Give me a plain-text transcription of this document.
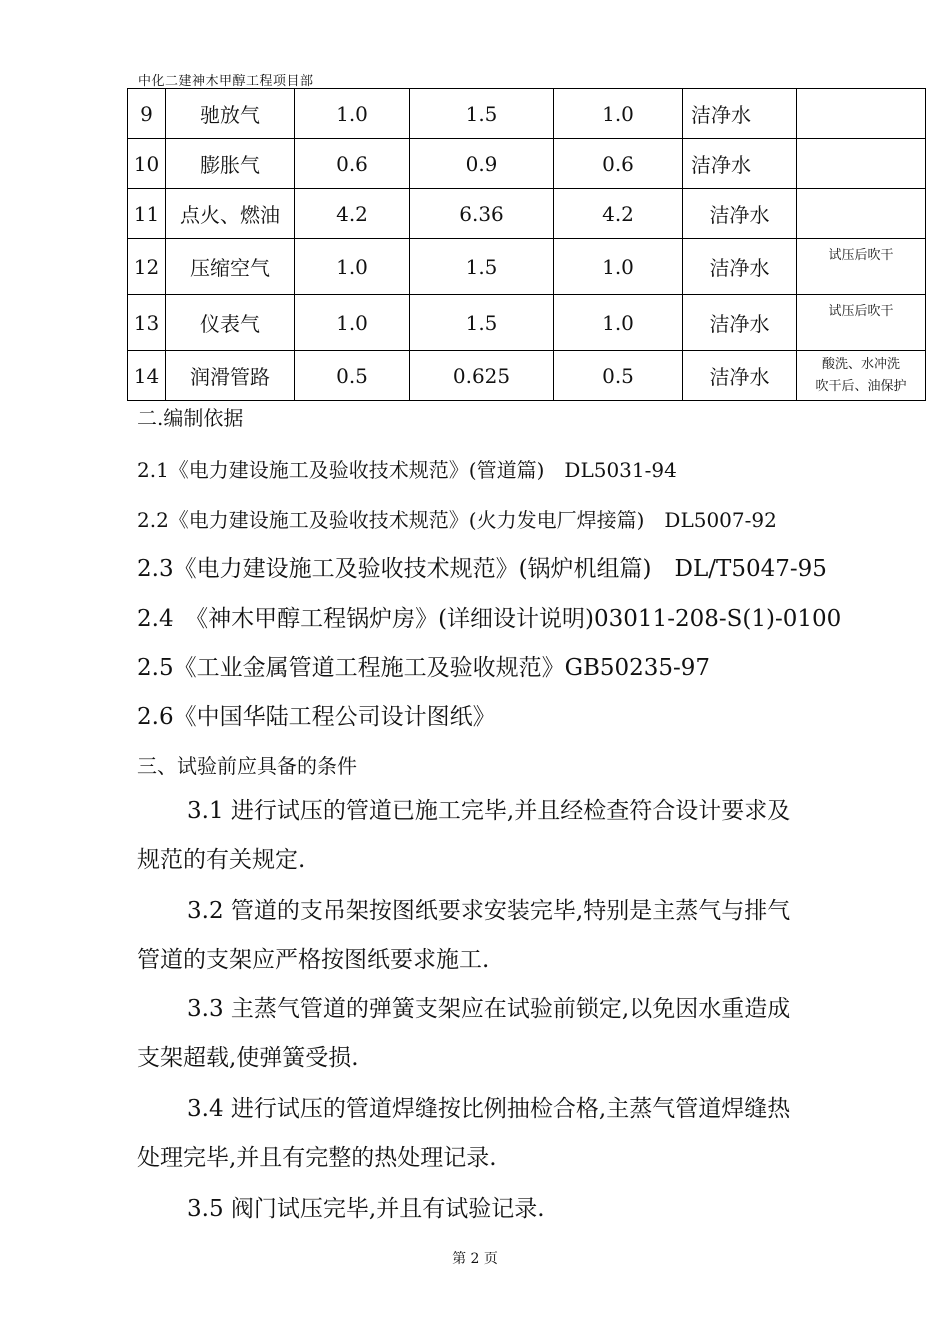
中化二建神木甲醇工程项目部
9	驰放气	1.0	1.5	1.0	洁净水	
10	膨胀气	0.6	0.9	0.6	洁净水	
11	点火、燃油	4.2	6.36	4.2	洁净水	
12	压缩空气	1.0	1.5	1.0	洁净水	试压后吹干
13	仪表气	1.0	1.5	1.0	洁净水	试压后吹干
14	润滑管路	0.5	0.625	0.5	洁净水	酸洗、水冲洗
吹干后、油保护
二.编制依据
2.1《电力建设施工及验收技术规范》(管道篇)　DL5031-94
2.2《电力建设施工及验收技术规范》(火力发电厂焊接篇)　DL5007-92
2.3《电力建设施工及验收技术规范》(锅炉机组篇)　DL/T5047-95
2.4　《神木甲醇工程锅炉房》(详细设计说明)03011-208-S(1)-0100
2.5《工业金属管道工程施工及验收规范》GB50235-97
2.6《中国华陆工程公司设计图纸》
三、试验前应具备的条件
3.1 进行试压的管道已施工完毕,并且经检查符合设计要求及
规范的有关规定.
3.2 管道的支吊架按图纸要求安装完毕,特别是主蒸气与排气
管道的支架应严格按图纸要求施工.
3.3 主蒸气管道的弹簧支架应在试验前锁定,以免因水重造成
支架超载,使弹簧受损.
3.4 进行试压的管道焊缝按比例抽检合格,主蒸气管道焊缝热
处理完毕,并且有完整的热处理记录.
3.5 阀门试压完毕,并且有试验记录.
第 2 页
